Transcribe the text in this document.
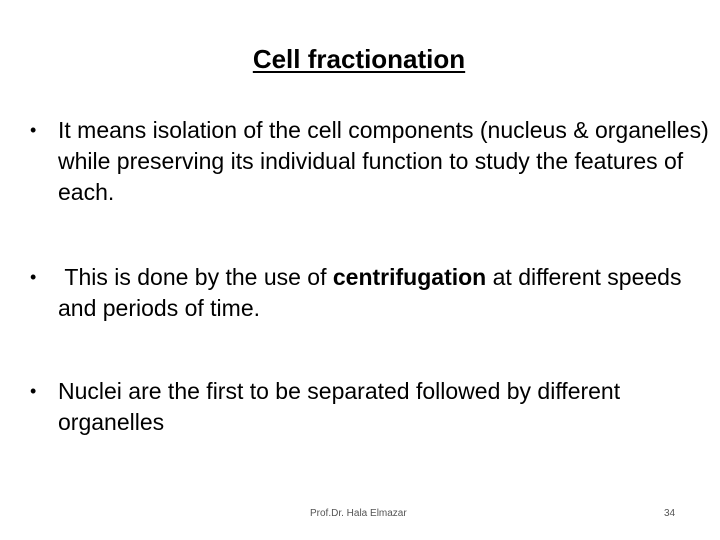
Cell fractionation
• It means isolation of the cell components (nucleus & organelles) while preserving its individual function to study the features of each.
• This is done by the use of centrifugation at different speeds and periods of time.
• Nuclei are the first to be separated followed by different organelles
Prof.Dr. Hala Elmazar	34
